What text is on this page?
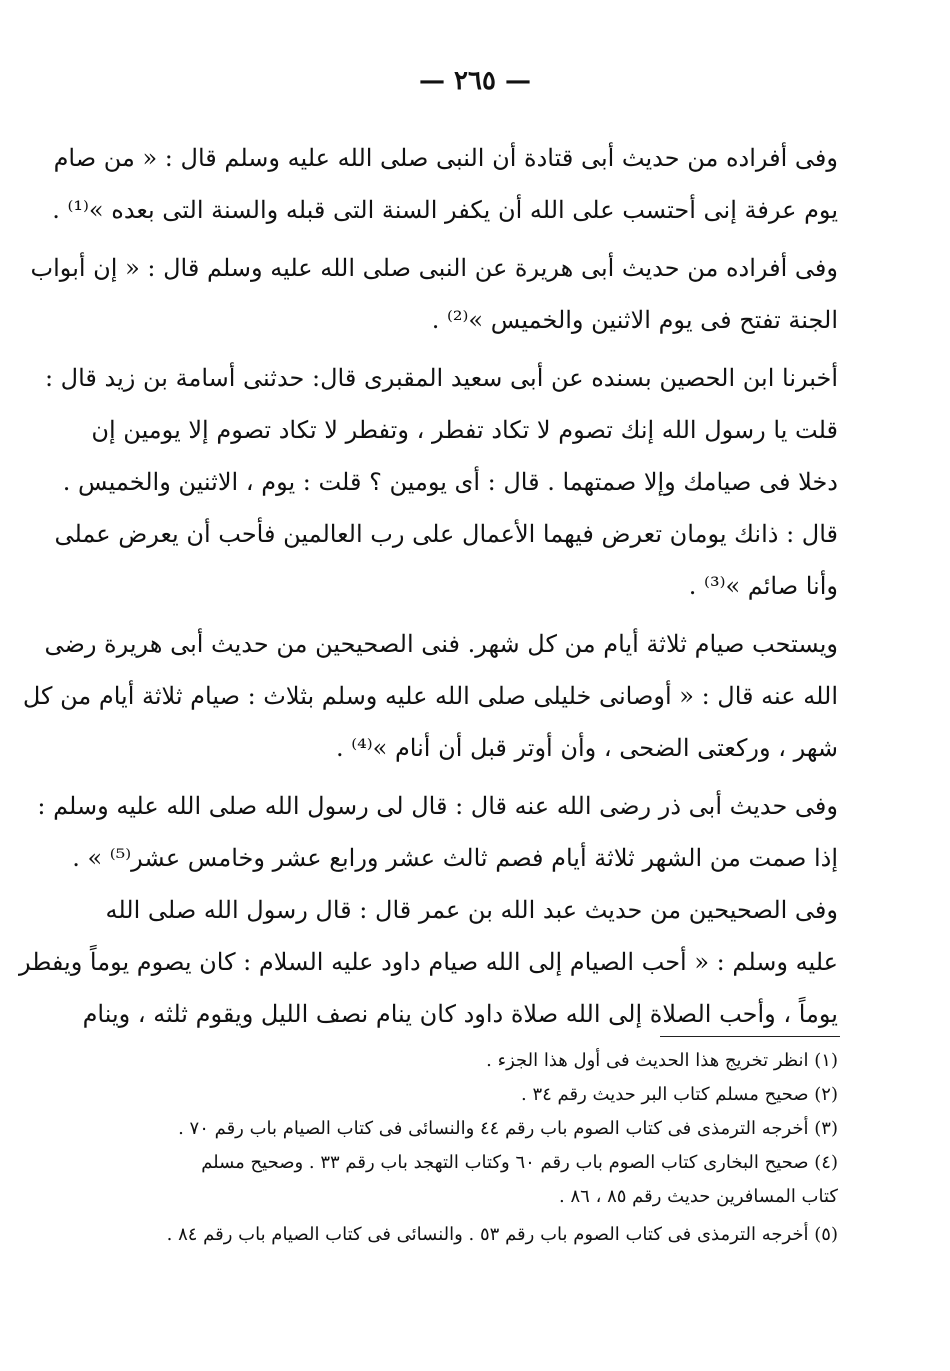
— ٢٦٥ —
وفى أفراده من حديث أبى قتادة أن النبى صلى الله عليه وسلم قال : « من صام
يوم عرفة إنى أحتسب على الله أن يكفر السنة التى قبله والسنة التى بعده »⁽¹⁾ .
وفى أفراده من حديث أبى هريرة عن النبى صلى الله عليه وسلم قال : « إن أبواب
الجنة تفتح فى يوم الاثنين والخميس »⁽²⁾ .
أخبرنا ابن الحصين بسنده عن أبى سعيد المقبرى قال: حدثنى أسامة بن زيد قال :
قلت يا رسول الله إنك تصوم لا تكاد تفطر ، وتفطر لا تكاد تصوم إلا يومين إن
دخلا فى صيامك وإلا صمتهما . قال : أى يومين ؟ قلت : يوم ، الاثنين والخميس .
قال : ذانك يومان تعرض فيهما الأعمال على رب العالمين فأحب أن يعرض عملى
وأنا صائم »⁽³⁾ .
ويستحب صيام ثلاثة أيام من كل شهر. فنى الصحيحين من حديث أبى هريرة رضى
الله عنه قال : « أوصانى خليلى صلى الله عليه وسلم بثلاث : صيام ثلاثة أيام من كل
شهر ، وركعتى الضحى ، وأن أوتر قبل أن أنام »⁽⁴⁾ .
وفى حديث أبى ذر رضى الله عنه قال : قال لى رسول الله صلى الله عليه وسلم :
إذا صمت من الشهر ثلاثة أيام فصم ثالث عشر ورابع عشر وخامس عشر⁽⁵⁾ » .
وفى الصحيحين من حديث عبد الله بن عمر قال : قال رسول الله صلى الله
عليه وسلم : « أحب الصيام إلى الله صيام داود عليه السلام : كان يصوم يوماً ويفطر
يوماً ، وأحب الصلاة إلى الله صلاة داود كان ينام نصف الليل ويقوم ثلثه ، وينام
(١) انظر تخريج هذا الحديث فى أول هذا الجزء .
(٢) صحيح مسلم كتاب البر حديث رقم ٣٤ .
(٣) أخرجه الترمذى فى كتاب الصوم باب رقم ٤٤ والنسائى فى كتاب الصيام باب رقم ٧٠ .
(٤) صحيح البخارى كتاب الصوم باب رقم ٦٠ وكتاب التهجد باب رقم ٣٣ . وصحيح مسلم
كتاب المسافرين حديث رقم ٨٥ ، ٨٦ .
(٥) أخرجه الترمذى فى كتاب الصوم باب رقم ٥٣ . والنسائى فى كتاب الصيام باب رقم ٨٤ .
